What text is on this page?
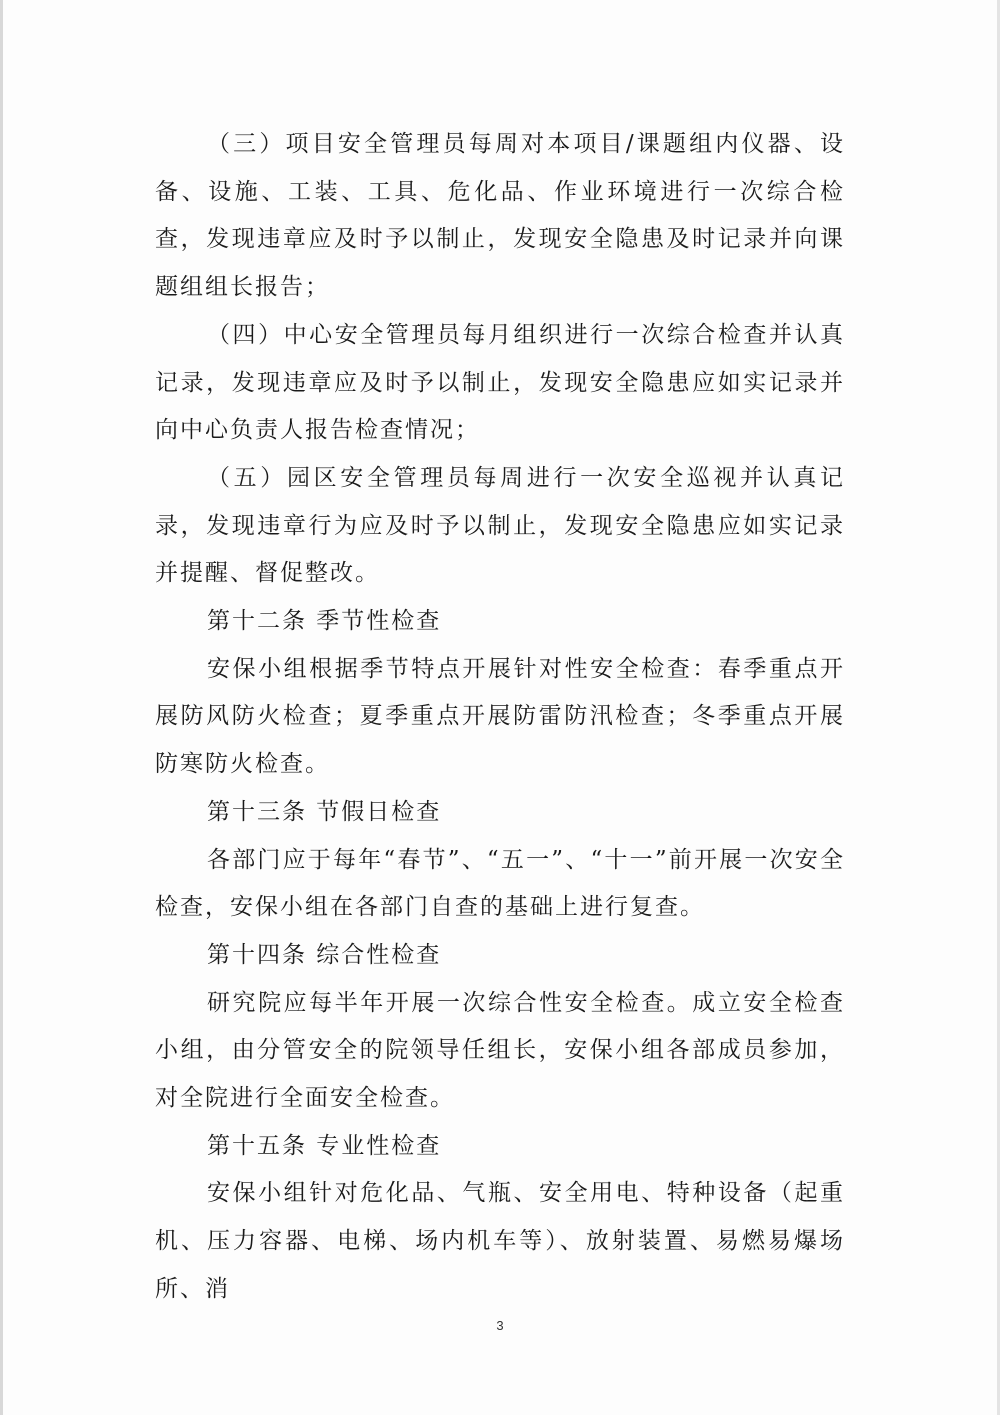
（三）项目安全管理员每周对本项目/课题组内仪器、设备、设施、工装、工具、危化品、作业环境进行一次综合检查，发现违章应及时予以制止，发现安全隐患及时记录并向课题组组长报告；

（四）中心安全管理员每月组织进行一次综合检查并认真记录，发现违章应及时予以制止，发现安全隐患应如实记录并向中心负责人报告检查情况；

（五）园区安全管理员每周进行一次安全巡视并认真记录，发现违章行为应及时予以制止，发现安全隐患应如实记录并提醒、督促整改。

第十二条 季节性检查

安保小组根据季节特点开展针对性安全检查：春季重点开展防风防火检查；夏季重点开展防雷防汛检查；冬季重点开展防寒防火检查。

第十三条 节假日检查

各部门应于每年“春节”、“五一”、“十一”前开展一次安全检查，安保小组在各部门自查的基础上进行复查。

第十四条 综合性检查

研究院应每半年开展一次综合性安全检查。成立安全检查小组，由分管安全的院领导任组长，安保小组各部成员参加，对全院进行全面安全检查。

第十五条 专业性检查

安保小组针对危化品、气瓶、安全用电、特种设备（起重机、压力容器、电梯、场内机车等）、放射装置、易燃易爆场所、消

3
